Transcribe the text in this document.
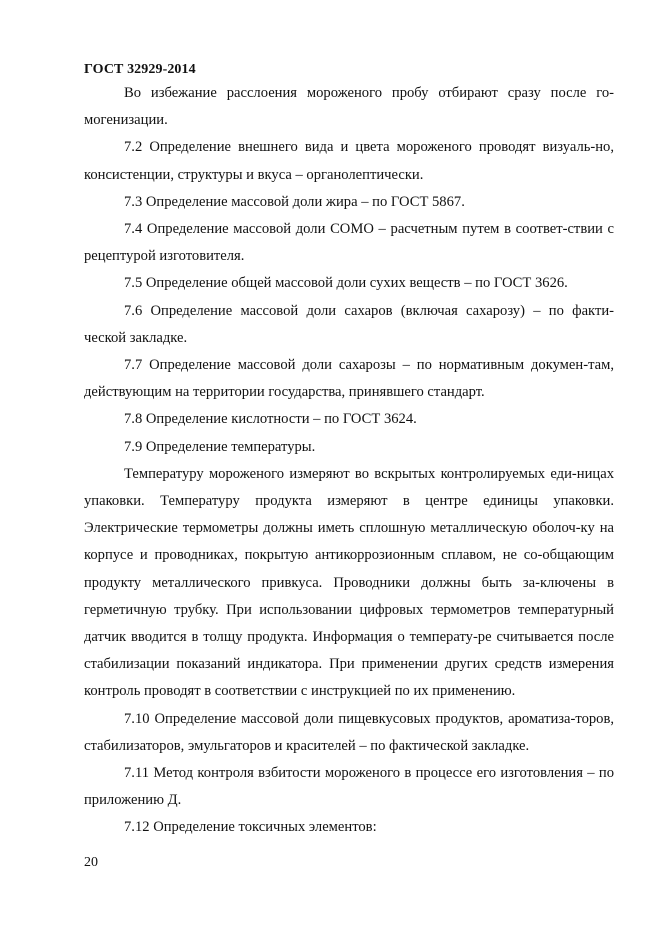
ГОСТ 32929-2014

Во избежание расслоения мороженого пробу отбирают сразу после го-могенизации.

7.2 Определение внешнего вида и цвета мороженого проводят визуаль-но, консистенции, структуры и вкуса – органолептически.

7.3 Определение массовой доли жира – по ГОСТ 5867.

7.4 Определение массовой доли СОМО – расчетным путем в соответ-ствии с рецептурой изготовителя.

7.5 Определение общей массовой доли сухих веществ – по ГОСТ 3626.

7.6 Определение массовой доли сахаров (включая сахарозу) – по факти-ческой закладке.

7.7 Определение массовой доли сахарозы – по нормативным докумен-там, действующим на территории государства, принявшего стандарт.

7.8 Определение кислотности – по ГОСТ 3624.

7.9 Определение температуры.

Температуру мороженого измеряют во вскрытых контролируемых еди-ницах упаковки. Температуру продукта измеряют в центре единицы упаковки. Электрические термометры должны иметь сплошную металлическую оболоч-ку на корпусе и проводниках, покрытую антикоррозионным сплавом, не со-общающим продукту металлического привкуса. Проводники должны быть за-ключены в герметичную трубку. При использовании цифровых термометров температурный датчик вводится в толщу продукта. Информация о температу-ре считывается после стабилизации показаний индикатора. При применении других средств измерения контроль проводят в соответствии с инструкцией по их применению.

7.10 Определение массовой доли пищевкусовых продуктов, ароматиза-торов, стабилизаторов, эмульгаторов и красителей – по фактической закладке.

7.11 Метод контроля взбитости мороженого в процессе его изготовления – по приложению Д.

7.12 Определение токсичных элементов:

20
